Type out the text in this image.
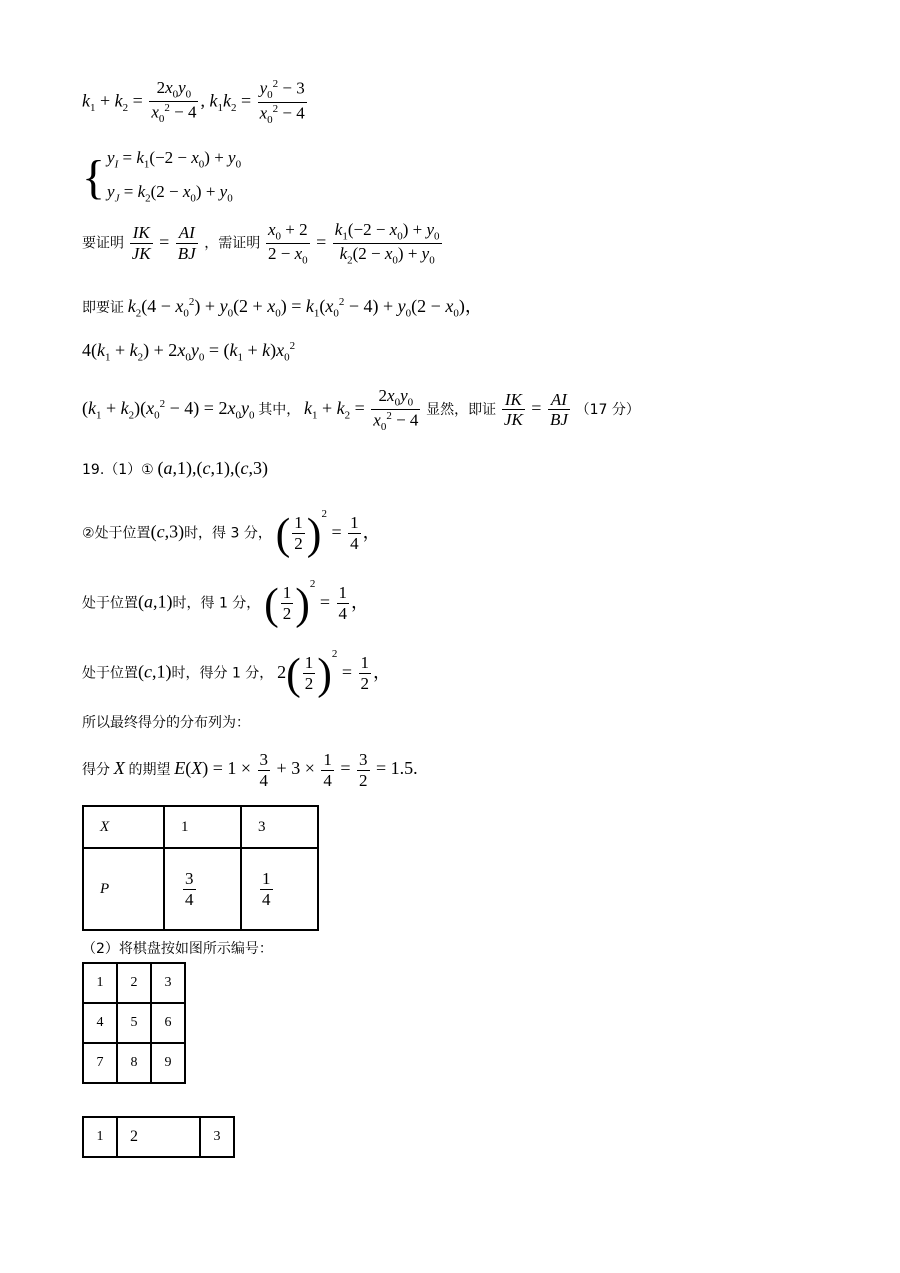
$k_1 + k_2 = \frac{2x_0y_0}{x_0^2 - 4}$ , $k_1k_2 = \frac{y_0^2 - 3}{x_0^2 - 4}$
{ $y_I = k_1(-2 - x_0) + y_0$
$y_J = k_2(2 - x_0) + y_0$
要证明 $\frac{IK}{JK} = \frac{AI}{BJ}$ ，需证明 $\frac{x_0 + 2}{2 - x_0} = \frac{k_1(-2 - x_0) + y_0}{k_2(2 - x_0) + y_0}$
即要证 $k_2(4 - x_0^2) + y_0(2 + x_0) = k_1(x_0^2 - 4) + y_0(2 - x_0)$，
$4(k_1 + k_2) + 2x_0y_0 = (k_1 + k)x_0^2$
$(k_1 + k_2)(x_0^2 - 4) = 2x_0y_0$ 其中， $k_1 + k_2 = \frac{2x_0y_0}{x_0^2 - 4}$ 显然，即证 $\frac{IK}{JK} = \frac{AI}{BJ} (17$ 分）
19.（1）① (a,1),(c,1),(c,3)
②处于位置(c,3)时，得 3 分， ( $\frac{1}{2} )^2 = \frac{1}{4}$ ，
处于位置(a,1)时，得 1 分， ( $\frac{1}{2} )^2 = \frac{1}{4}$ ，
处于位置(c,1)时，得分 1 分， $2( \frac{1}{2} )^2 = \frac{1}{2}$ ，
所以最终得分的分布列为：
得分 X 的期望 $E(X) = 1 \times \frac{3}{4} + 3 \times \frac{1}{4} = \frac{3}{2} = 1.5$.
X	1	3
P	$\frac{3}{4}$	$\frac{1}{4}$
（2）将棋盘按如图所示编号：
1	2	3
4	5	6
7	8	9
1	2	3
